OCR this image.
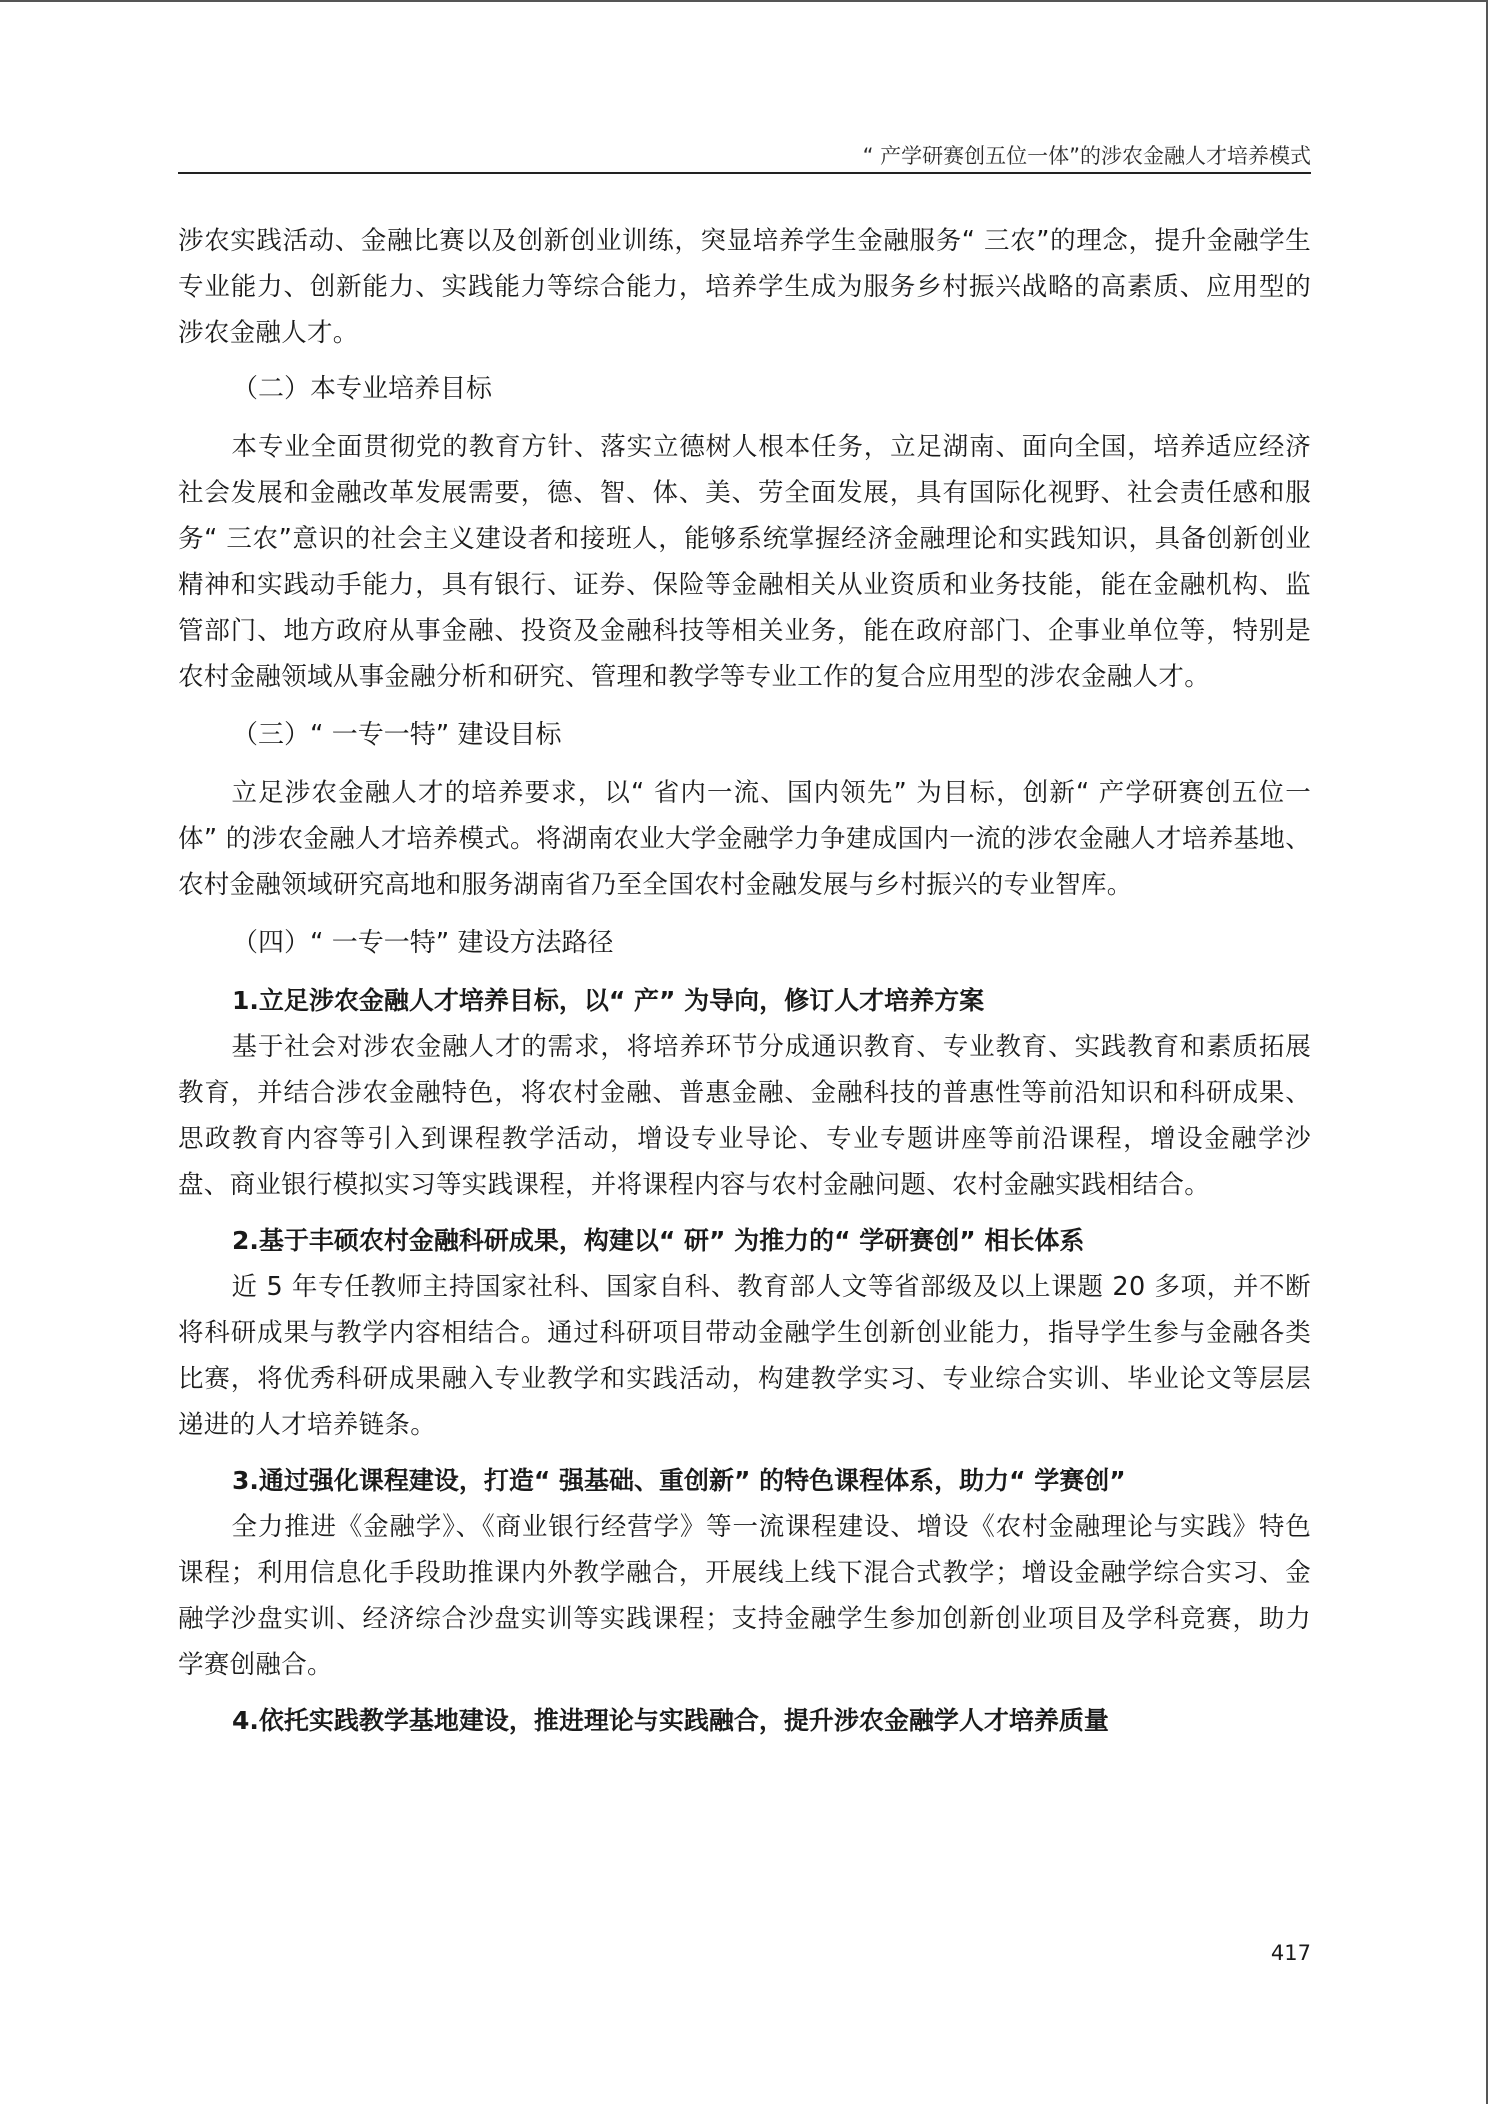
“ 产学研赛创五位一体”的涉农金融人才培养模式

涉农实践活动、金融比赛以及创新创业训练，突显培养学生金融服务“ 三农”的理念，提升金融学生专业能力、创新能力、实践能力等综合能力，培养学生成为服务乡村振兴战略的高素质、应用型的涉农金融人才。

（二）本专业培养目标

本专业全面贯彻党的教育方针、落实立德树人根本任务，立足湖南、面向全国，培养适应经济社会发展和金融改革发展需要，德、智、体、美、劳全面发展，具有国际化视野、社会责任感和服务“ 三农”意识的社会主义建设者和接班人，能够系统掌握经济金融理论和实践知识，具备创新创业精神和实践动手能力，具有银行、证券、保险等金融相关从业资质和业务技能，能在金融机构、监管部门、地方政府从事金融、投资及金融科技等相关业务，能在政府部门、企事业单位等，特别是农村金融领域从事金融分析和研究、管理和教学等专业工作的复合应用型的涉农金融人才。

（三）“ 一专一特” 建设目标

立足涉农金融人才的培养要求，以“ 省内一流、国内领先” 为目标，创新“ 产学研赛创五位一体” 的涉农金融人才培养模式。将湖南农业大学金融学力争建成国内一流的涉农金融人才培养基地、农村金融领域研究高地和服务湖南省乃至全国农村金融发展与乡村振兴的专业智库。

（四）“ 一专一特” 建设方法路径
1.立足涉农金融人才培养目标，以“ 产” 为导向，修订人才培养方案

基于社会对涉农金融人才的需求，将培养环节分成通识教育、专业教育、实践教育和素质拓展教育，并结合涉农金融特色，将农村金融、普惠金融、金融科技的普惠性等前沿知识和科研成果、思政教育内容等引入到课程教学活动，增设专业导论、专业专题讲座等前沿课程，增设金融学沙盘、商业银行模拟实习等实践课程，并将课程内容与农村金融问题、农村金融实践相结合。

2.基于丰硕农村金融科研成果，构建以“ 研” 为推力的“ 学研赛创” 相长体系

近 5 年专任教师主持国家社科、国家自科、教育部人文等省部级及以上课题 20 多项，并不断将科研成果与教学内容相结合。通过科研项目带动金融学生创新创业能力，指导学生参与金融各类比赛，将优秀科研成果融入专业教学和实践活动，构建教学实习、专业综合实训、毕业论文等层层递进的人才培养链条。

3.通过强化课程建设，打造“ 强基础、重创新” 的特色课程体系，助力“ 学赛创”

全力推进《金融学》、《商业银行经营学》等一流课程建设、增设《农村金融理论与实践》特色课程；利用信息化手段助推课内外教学融合，开展线上线下混合式教学；增设金融学综合实习、金融学沙盘实训、经济综合沙盘实训等实践课程；支持金融学生参加创新创业项目及学科竞赛，助力学赛创融合。

4.依托实践教学基地建设，推进理论与实践融合，提升涉农金融学人才培养质量
417
